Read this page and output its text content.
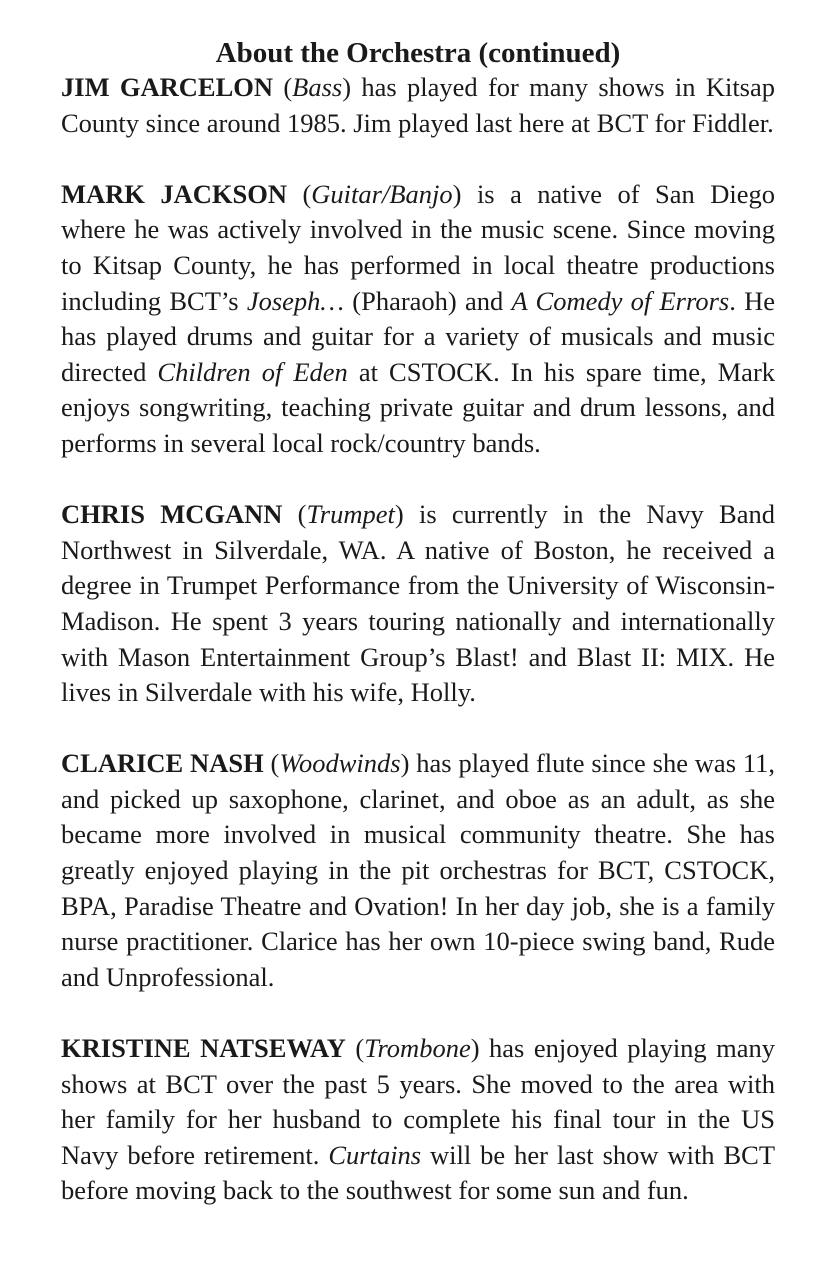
About the Orchestra (continued)

JIM GARCELON (Bass) has played for many shows in Kitsap County since around 1985. Jim played last here at BCT for Fiddler.

MARK JACKSON (Guitar/Banjo) is a native of San Diego where he was actively involved in the music scene. Since moving to Kitsap County, he has performed in local theatre productions including BCT’s Joseph… (Pharaoh) and A Comedy of Errors. He has played drums and guitar for a variety of musicals and music directed Children of Eden at CSTOCK. In his spare time, Mark enjoys songwriting, teaching private guitar and drum lessons, and performs in several local rock/country bands.

CHRIS MCGANN (Trumpet) is currently in the Navy Band Northwest in Silverdale, WA. A native of Boston, he received a degree in Trumpet Performance from the University of Wisconsin-Madison. He spent 3 years touring nationally and internationally with Mason Entertainment Group’s Blast! and Blast II: MIX. He lives in Silverdale with his wife, Holly.

CLARICE NASH (Woodwinds) has played flute since she was 11, and picked up saxophone, clarinet, and oboe as an adult, as she became more involved in musical community theatre. She has greatly enjoyed playing in the pit orchestras for BCT, CSTOCK, BPA, Paradise Theatre and Ovation! In her day job, she is a family nurse practitioner. Clarice has her own 10-piece swing band, Rude and Unprofessional.

KRISTINE NATSEWAY (Trombone) has enjoyed playing many shows at BCT over the past 5 years. She moved to the area with her family for her husband to complete his final tour in the US Navy before retirement. Curtains will be her last show with BCT before moving back to the southwest for some sun and fun.
